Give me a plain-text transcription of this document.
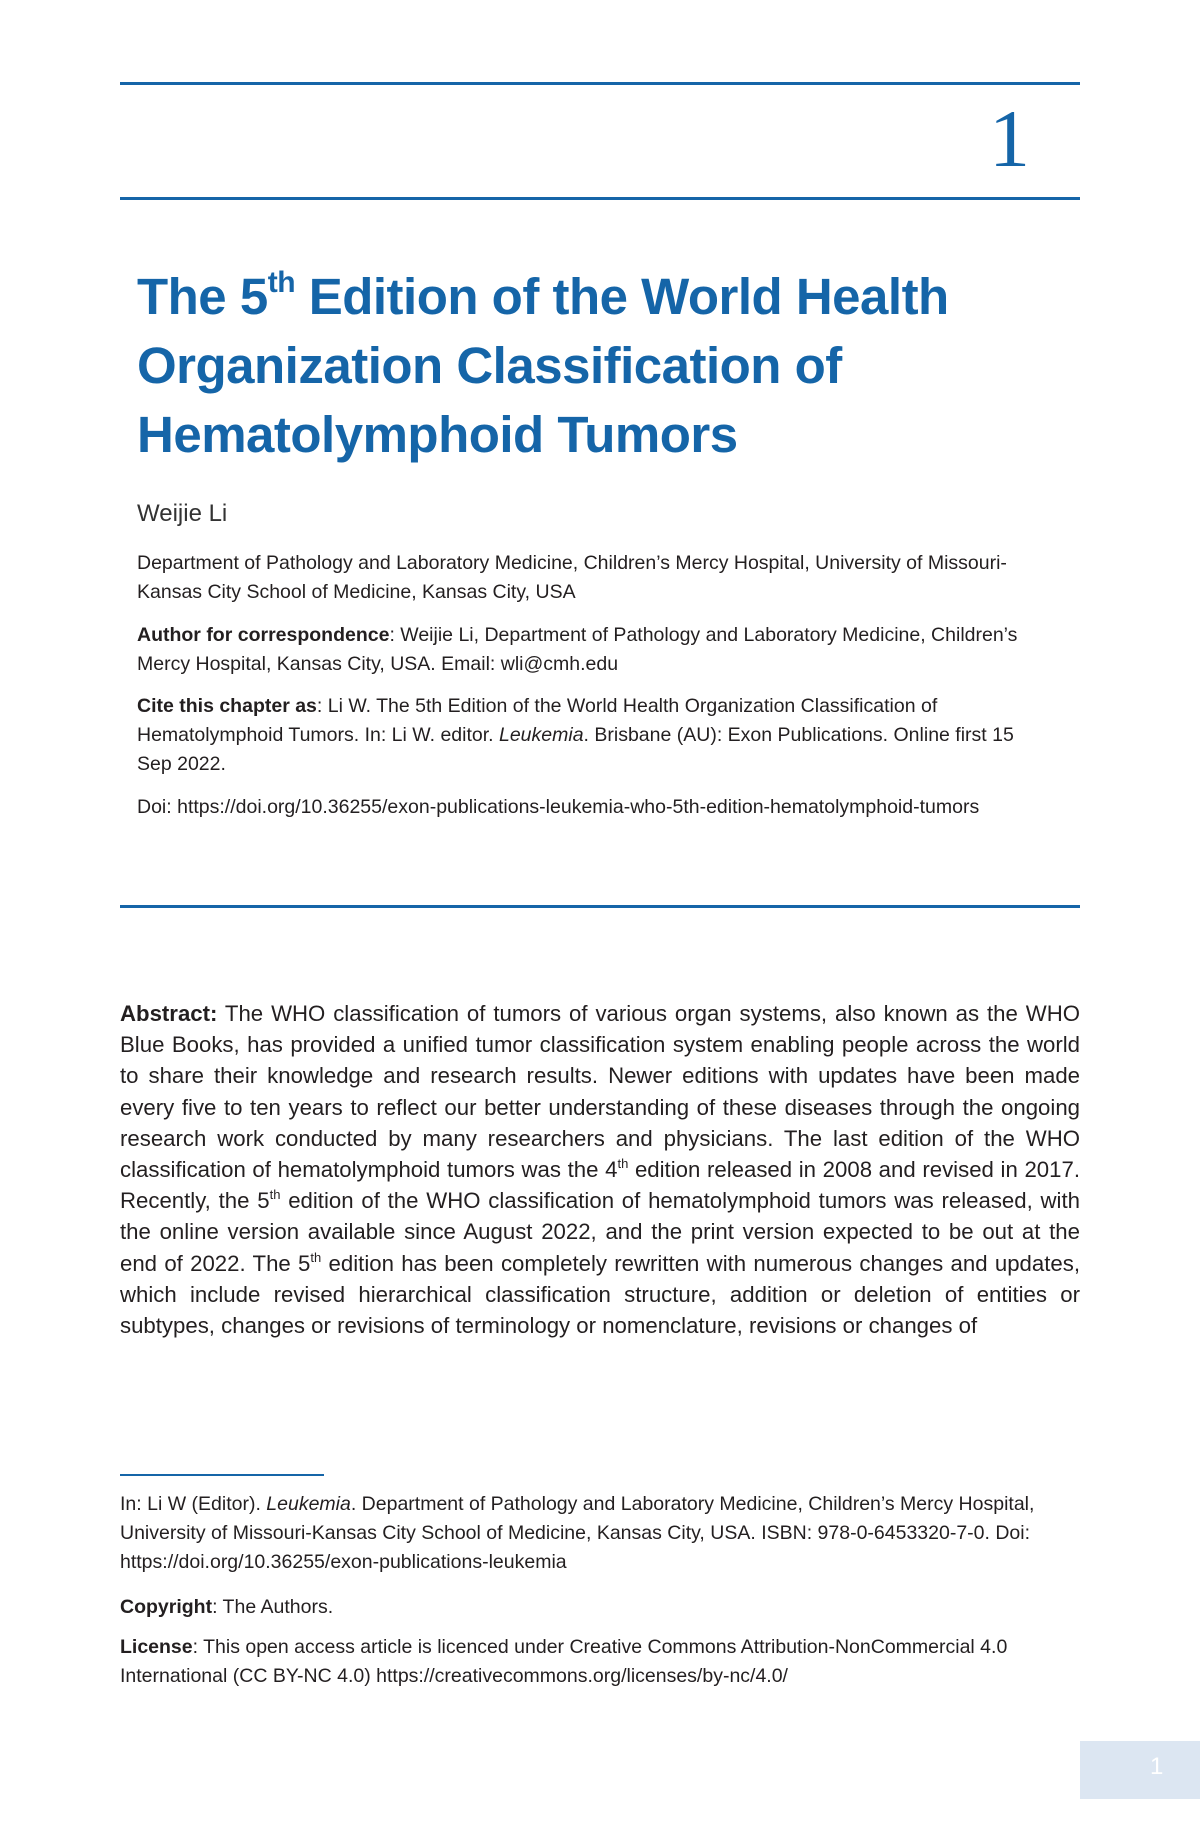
1
The 5th Edition of the World Health Organization Classification of Hematolymphoid Tumors
Weijie Li
Department of Pathology and Laboratory Medicine, Children’s Mercy Hospital, University of Missouri-Kansas City School of Medicine, Kansas City, USA
Author for correspondence: Weijie Li, Department of Pathology and Laboratory Medicine, Children’s Mercy Hospital, Kansas City, USA. Email: wli@cmh.edu
Cite this chapter as: Li W. The 5th Edition of the World Health Organization Classification of Hematolymphoid Tumors. In: Li W. editor. Leukemia. Brisbane (AU): Exon Publications. Online first 15 Sep 2022.
Doi: https://doi.org/10.36255/exon-publications-leukemia-who-5th-edition-hematolymphoid-tumors

Abstract: The WHO classification of tumors of various organ systems, also known as the WHO Blue Books, has provided a unified tumor classification system enabling people across the world to share their knowledge and research results. Newer editions with updates have been made every five to ten years to reflect our better understanding of these diseases through the ongoing research work conducted by many researchers and physicians. The last edition of the WHO classification of hematolymphoid tumors was the 4th edition released in 2008 and revised in 2017. Recently, the 5th edition of the WHO classification of hematolymphoid tumors was released, with the online version available since August 2022, and the print version expected to be out at the end of 2022. The 5th edition has been completely rewritten with numerous changes and updates, which include revised hierarchical classification structure, addition or deletion of entities or subtypes, changes or revisions of terminology or nomenclature, revisions or changes of

In: Li W (Editor). Leukemia. Department of Pathology and Laboratory Medicine, Children’s Mercy Hospital, University of Missouri-Kansas City School of Medicine, Kansas City, USA. ISBN: 978-0-6453320-7-0. Doi: https://doi.org/10.36255/exon-publications-leukemia
Copyright: The Authors.
License: This open access article is licenced under Creative Commons Attribution-NonCommercial 4.0 International (CC BY-NC 4.0) https://creativecommons.org/licenses/by-nc/4.0/
1
